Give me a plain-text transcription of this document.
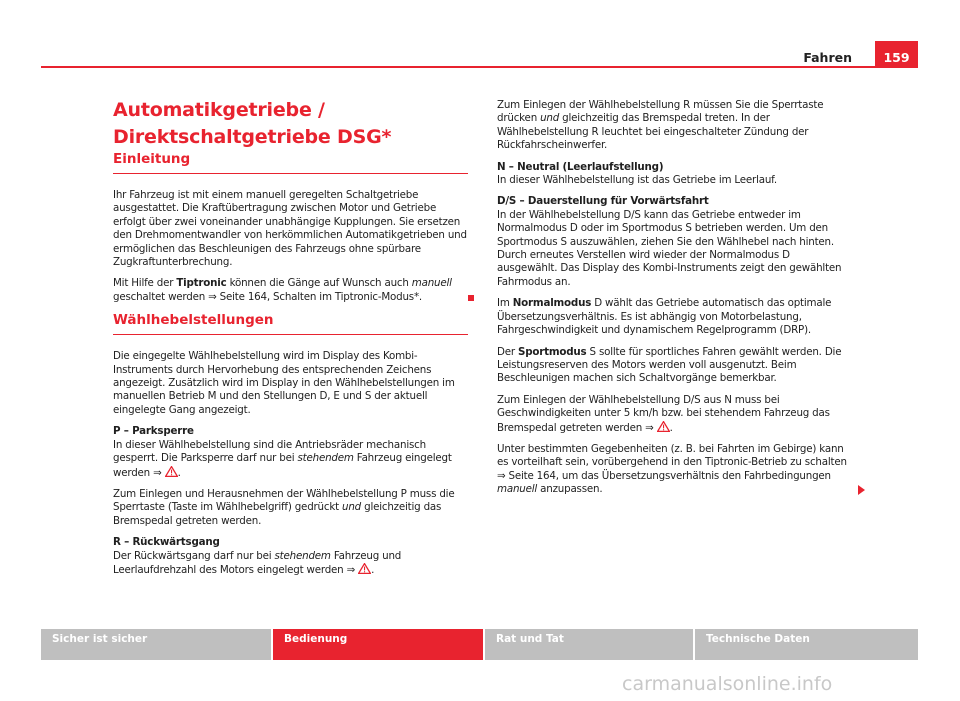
Fahren	159
Automatikgetriebe / Direktschaltgetriebe DSG*
Einleitung

Ihr Fahrzeug ist mit einem manuell geregelten Schaltgetriebe ausgestattet. Die Kraftübertragung zwischen Motor und Getriebe erfolgt über zwei voneinander unabhängige Kupplungen. Sie ersetzen den Drehmomentwandler von herkömmlichen Automatikgetrieben und ermöglichen das Beschleunigen des Fahrzeugs ohne spürbare Zugkraftunterbrechung.

Mit Hilfe der Tiptronic können die Gänge auf Wunsch auch manuell geschaltet werden ⇒ Seite 164, Schalten im Tiptronic-Modus*.

Wählhebelstellungen

Die eingegelte Wählhebelstellung wird im Display des Kombi-Instruments durch Hervorhebung des entsprechenden Zeichens angezeigt. Zusätzlich wird im Display in den Wählhebelstellungen im manuellen Betrieb M und den Stellungen D, E und S der aktuell eingelegte Gang angezeigt.

P – Parksperre
In dieser Wählhebelstellung sind die Antriebsräder mechanisch gesperrt. Die Parksperre darf nur bei stehendem Fahrzeug eingelegt werden ⇒ .

Zum Einlegen und Herausnehmen der Wählhebelstellung P muss die Sperrtaste (Taste im Wählhebelgriff) gedrückt und gleichzeitig das Bremspedal getreten werden.

R – Rückwärtsgang
Der Rückwärtsgang darf nur bei stehendem Fahrzeug und Leerlaufdrehzahl des Motors eingelegt werden ⇒ .

Zum Einlegen der Wählhebelstellung R müssen Sie die Sperrtaste drücken und gleichzeitig das Bremspedal treten. In der Wählhebelstellung R leuchtet bei eingeschalteter Zündung der Rückfahrscheinwerfer.

N – Neutral (Leerlaufstellung)
In dieser Wählhebelstellung ist das Getriebe im Leerlauf.

D/S – Dauerstellung für Vorwärtsfahrt
In der Wählhebelstellung D/S kann das Getriebe entweder im Normalmodus D oder im Sportmodus S betrieben werden. Um den Sportmodus S auszuwählen, ziehen Sie den Wählhebel nach hinten. Durch erneutes Verstellen wird wieder der Normalmodus D ausgewählt. Das Display des Kombi-Instruments zeigt den gewählten Fahrmodus an.

Im Normalmodus D wählt das Getriebe automatisch das optimale Übersetzungsverhältnis. Es ist abhängig von Motorbelastung, Fahrgeschwindigkeit und dynamischem Regelprogramm (DRP).

Der Sportmodus S sollte für sportliches Fahren gewählt werden. Die Leistungsreserven des Motors werden voll ausgenutzt. Beim Beschleunigen machen sich Schaltvorgänge bemerkbar.

Zum Einlegen der Wählhebelstellung D/S aus N muss bei Geschwindigkeiten unter 5 km/h bzw. bei stehendem Fahrzeug das Bremspedal getreten werden ⇒ .

Unter bestimmten Gegebenheiten (z. B. bei Fahrten im Gebirge) kann es vorteilhaft sein, vorübergehend in den Tiptronic-Betrieb zu schalten ⇒ Seite 164, um das Übersetzungsverhältnis den Fahrbedingungen manuell anzupassen.

Sicher ist sicher	Bedienung	Rat und Tat	Technische Daten
carmanualsonline.info
